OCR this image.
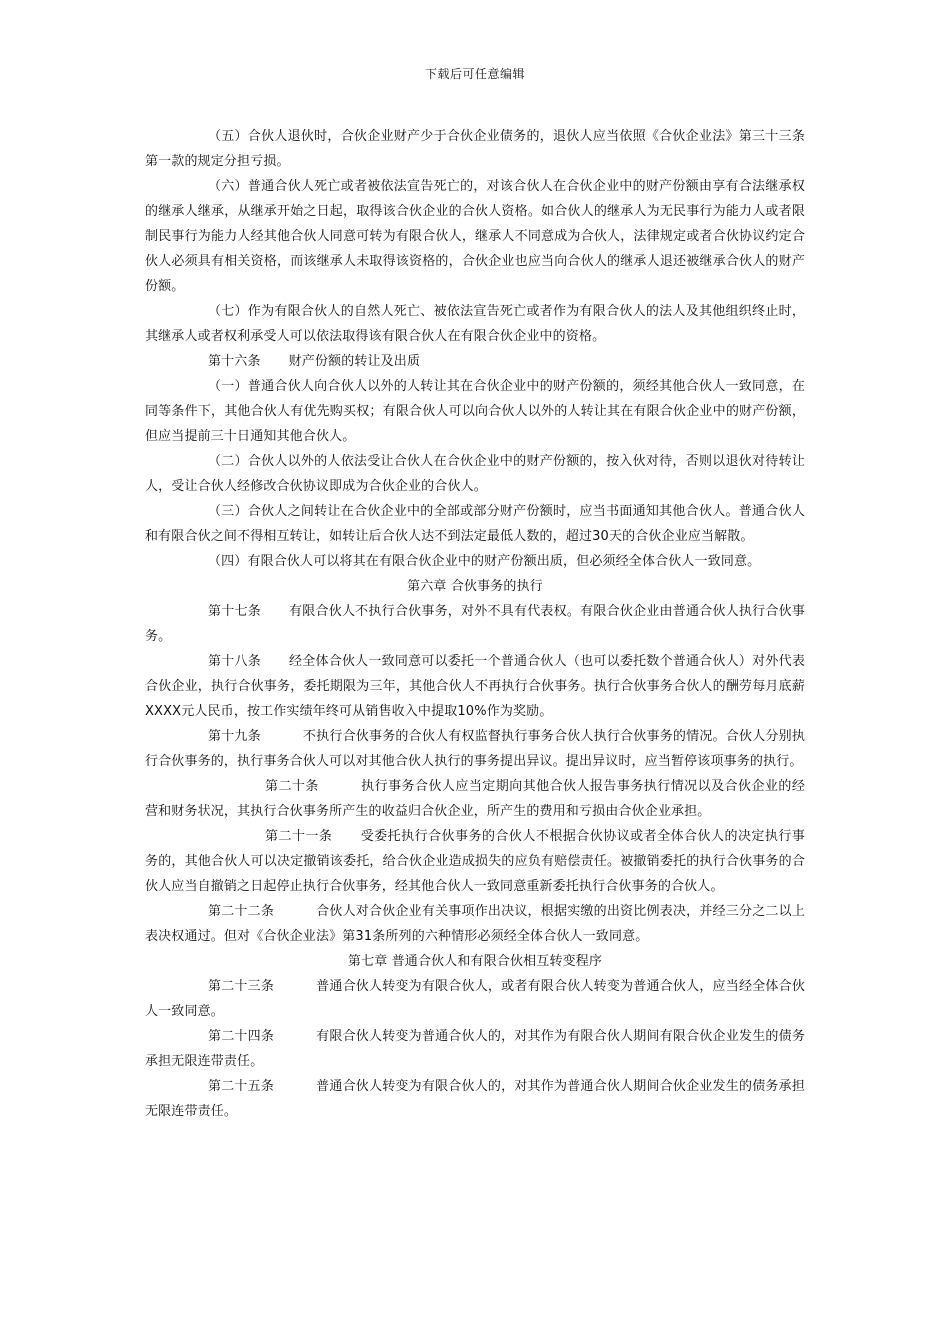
下载后可任意编辑

（五）合伙人退伙时，合伙企业财产少于合伙企业债务的，退伙人应当依照《合伙企业法》第三十三条第一款的规定分担亏损。

（六）普通合伙人死亡或者被依法宣告死亡的，对该合伙人在合伙企业中的财产份额由享有合法继承权的继承人继承，从继承开始之日起，取得该合伙企业的合伙人资格。如合伙人的继承人为无民事行为能力人或者限制民事行为能力人经其他合伙人同意可转为有限合伙人，继承人不同意成为合伙人，法律规定或者合伙协议约定合伙人必须具有相关资格，而该继承人未取得该资格的，合伙企业也应当向合伙人的继承人退还被继承合伙人的财产份额。

（七）作为有限合伙人的自然人死亡、被依法宣告死亡或者作为有限合伙人的法人及其他组织终止时，其继承人或者权利承受人可以依法取得该有限合伙人在有限合伙企业中的资格。

第十六条 财产份额的转让及出质

（一）普通合伙人向合伙人以外的人转让其在合伙企业中的财产份额的，须经其他合伙人一致同意，在同等条件下，其他合伙人有优先购买权；有限合伙人可以向合伙人以外的人转让其在有限合伙企业中的财产份额，但应当提前三十日通知其他合伙人。

（二）合伙人以外的人依法受让合伙人在合伙企业中的财产份额的，按入伙对待，否则以退伙对待转让人，受让合伙人经修改合伙协议即成为合伙企业的合伙人。

（三）合伙人之间转让在合伙企业中的全部或部分财产份额时，应当书面通知其他合伙人。普通合伙人和有限合伙之间不得相互转让，如转让后合伙人达不到法定最低人数的，超过30天的合伙企业应当解散。

（四）有限合伙人可以将其在有限合伙企业中的财产份额出质，但必须经全体合伙人一致同意。

第六章 合伙事务的执行

第十七条 有限合伙人不执行合伙事务，对外不具有代表权。有限合伙企业由普通合伙人执行合伙事务。

第十八条 经全体合伙人一致同意可以委托一个普通合伙人（也可以委托数个普通合伙人）对外代表合伙企业，执行合伙事务，委托期限为三年，其他合伙人不再执行合伙事务。执行合伙事务合伙人的酬劳每月底薪　XXXX元人民币，按工作实绩年终可从销售收入中提取10%作为奖励。

第十九条	不执行合伙事务的合伙人有权监督执行事务合伙人执行合伙事务的情况。合伙人分别执行合伙事务的，执行事务合伙人可以对其他合伙人执行的事务提出异议。提出异议时，应当暂停该项事务的执行。

第二十条	执行事务合伙人应当定期向其他合伙人报告事务执行情况以及合伙企业的经营和财务状况，其执行合伙事务所产生的收益归合伙企业，所产生的费用和亏损由合伙企业承担。

第二十一条 受委托执行合伙事务的合伙人不根据合伙协议或者全体合伙人的决定执行事务的，其他合伙人可以决定撤销该委托，给合伙企业造成损失的应负有赔偿责任。被撤销委托的执行合伙事务的合伙人应当自撤销之日起停止执行合伙事务，经其他合伙人一致同意重新委托执行合伙事务的合伙人。

第二十二条	合伙人对合伙企业有关事项作出决议，根据实缴的出资比例表决，并经三分之二以上表决权通过。但对《合伙企业法》第31条所列的六种情形必须经全体合伙人一致同意。

第七章 普通合伙人和有限合伙相互转变程序

第二十三条	普通合伙人转变为有限合伙人，或者有限合伙人转变为普通合伙人，应当经全体合伙人一致同意。

第二十四条	有限合伙人转变为普通合伙人的，对其作为有限合伙人期间有限合伙企业发生的债务承担无限连带责任。

第二十五条	普通合伙人转变为有限合伙人的，对其作为普通合伙人期间合伙企业发生的债务承担无限连带责任。
